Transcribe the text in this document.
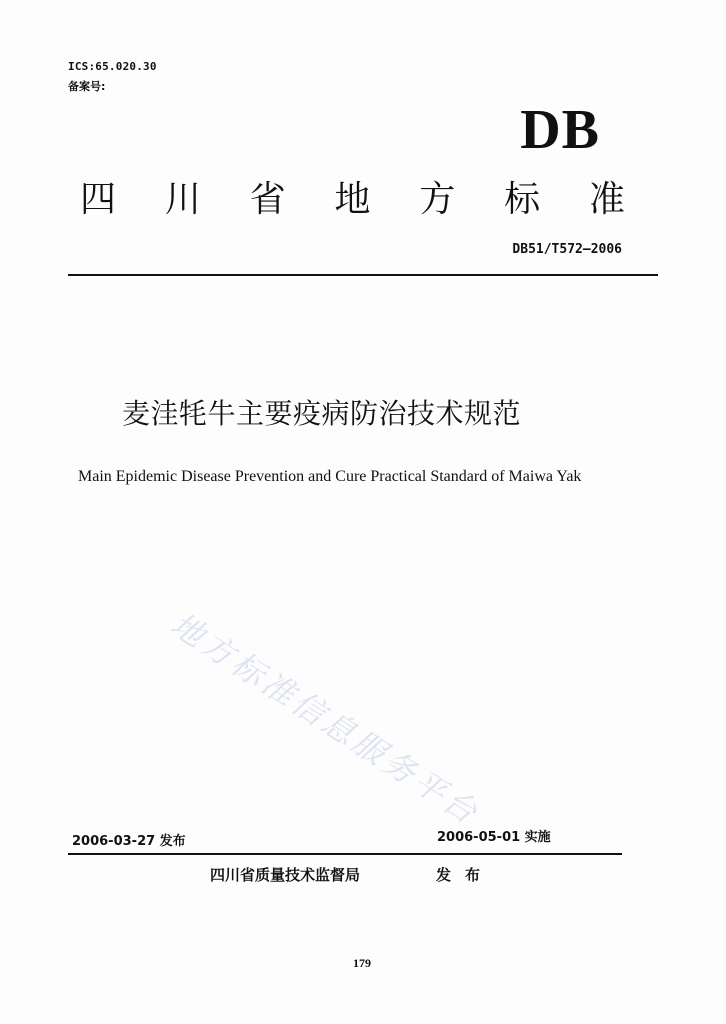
ICS:65.020.30
备案号:
DB
四 川 省 地 方 标 准
DB51/T572—2006
麦洼牦牛主要疫病防治技术规范
Main Epidemic Disease Prevention and Cure Practical Standard of Maiwa Yak
地方标准信息服务平台
2006-03-27 发布	2006-05-01 实施
四川省质量技术监督局	发布
179
